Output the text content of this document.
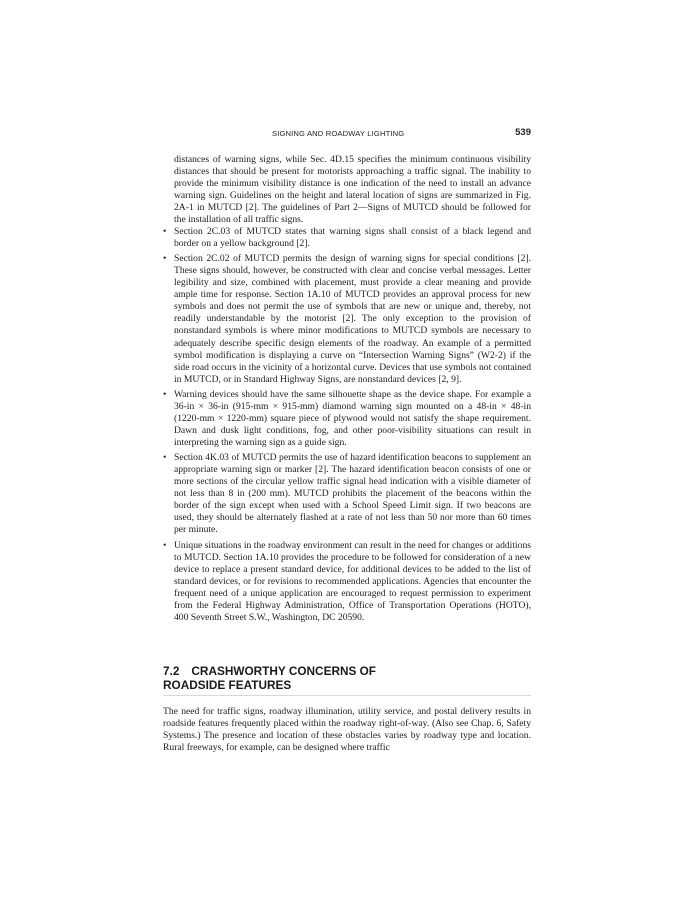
SIGNING AND ROADWAY LIGHTING	539

distances of warning signs, while Sec. 4D.15 specifies the minimum continuous visibility distances that should be present for motorists approaching a traffic signal. The inability to provide the minimum visibility distance is one indication of the need to install an advance warning sign. Guidelines on the height and lateral location of signs are summarized in Fig. 2A-1 in MUTCD [2]. The guidelines of Part 2—Signs of MUTCD should be followed for the installation of all traffic signs.

• Section 2C.03 of MUTCD states that warning signs shall consist of a black legend and border on a yellow background [2].
• Section 2C.02 of MUTCD permits the design of warning signs for special conditions [2]. These signs should, however, be constructed with clear and concise verbal messages. Letter legibility and size, combined with placement, must provide a clear meaning and provide ample time for response. Section 1A.10 of MUTCD provides an approval process for new symbols and does not permit the use of symbols that are new or unique and, thereby, not readily understandable by the motorist [2]. The only exception to the provision of nonstandard symbols is where minor modifications to MUTCD symbols are necessary to adequately describe specific design elements of the roadway. An example of a permitted symbol modification is displaying a curve on “Intersection Warning Signs” (W2-2) if the side road occurs in the vicinity of a horizontal curve. Devices that use symbols not contained in MUTCD, or in Standard Highway Signs, are nonstandard devices [2, 9].
• Warning devices should have the same silhouette shape as the device shape. For example a 36-in × 36-in (915-mm × 915-mm) diamond warning sign mounted on a 48-in × 48-in (1220-mm × 1220-mm) square piece of plywood would not satisfy the shape requirement. Dawn and dusk light conditions, fog, and other poor-visibility situations can result in interpreting the warning sign as a guide sign.
• Section 4K.03 of MUTCD permits the use of hazard identification beacons to supplement an appropriate warning sign or marker [2]. The hazard identification beacon consists of one or more sections of the circular yellow traffic signal head indication with a visible diameter of not less than 8 in (200 mm). MUTCD prohibits the placement of the beacons within the border of the sign except when used with a School Speed Limit sign. If two beacons are used, they should be alternately flashed at a rate of not less than 50 nor more than 60 times per minute.
• Unique situations in the roadway environment can result in the need for changes or additions to MUTCD. Section 1A.10 provides the procedure to be followed for consideration of a new device to replace a present standard device, for additional devices to be added to the list of standard devices, or for revisions to recommended applications. Agencies that encounter the frequent need of a unique application are encouraged to request permission to experiment from the Federal Highway Administration, Office of Transportation Operations (HOTO), 400 Seventh Street S.W., Washington, DC 20590.
7.2 CRASHWORTHY CONCERNS OF
ROADSIDE FEATURES

The need for traffic signs, roadway illumination, utility service, and postal delivery results in roadside features frequently placed within the roadway right-of-way. (Also see Chap. 6, Safety Systems.) The presence and location of these obstacles varies by roadway type and location. Rural freeways, for example, can be designed where traffic
